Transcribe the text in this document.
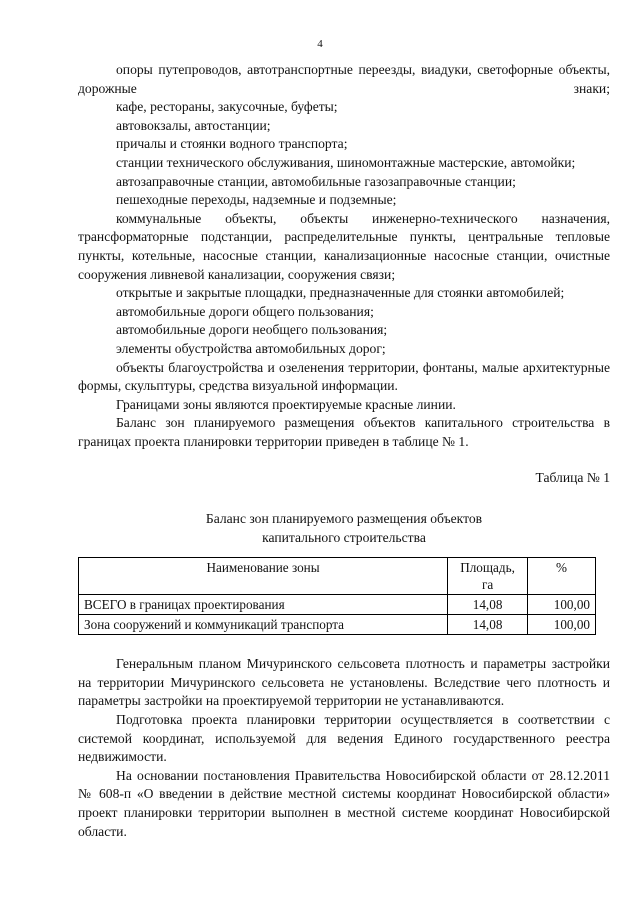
4

опоры путепроводов, автотранспортные переезды, виадуки, светофорные объекты, дорожные знаки;

кафе, рестораны, закусочные, буфеты;

автовокзалы, автостанции;

причалы и стоянки водного транспорта;

станции технического обслуживания, шиномонтажные мастерские, автомойки;

автозаправочные станции, автомобильные газозаправочные станции;

пешеходные переходы, надземные и подземные;

коммунальные объекты, объекты инженерно-технического назначения, трансформаторные подстанции, распределительные пункты, центральные тепловые пункты, котельные, насосные станции, канализационные насосные станции, очистные сооружения ливневой канализации, сооружения связи;

открытые и закрытые площадки, предназначенные для стоянки автомобилей;

автомобильные дороги общего пользования;

автомобильные дороги необщего пользования;

элементы обустройства автомобильных дорог;

объекты благоустройства и озеленения территории, фонтаны, малые архитектурные формы, скульптуры, средства визуальной информации.

Границами зоны являются проектируемые красные линии.

Баланс зон планируемого размещения объектов капитального строительства в границах проекта планировки территории приведен в таблице № 1.

Таблица № 1
Баланс зон планируемого размещения объектов
капитального строительства
Наименование зоны	Площадь, га	%
ВСЕГО в границах проектирования	14,08	100,00
Зона сооружений и коммуникаций транспорта	14,08	100,00

Генеральным планом Мичуринского сельсовета плотность и параметры застройки на территории Мичуринского сельсовета не установлены. Вследствие чего плотность и параметры застройки на проектируемой территории не устанавливаются.

Подготовка проекта планировки территории осуществляется в соответствии с системой координат, используемой для ведения Единого государственного реестра недвижимости.

На основании постановления Правительства Новосибирской области от 28.12.2011 № 608-п «О введении в действие местной системы координат Новосибирской области» проект планировки территории выполнен в местной системе координат Новосибирской области.
